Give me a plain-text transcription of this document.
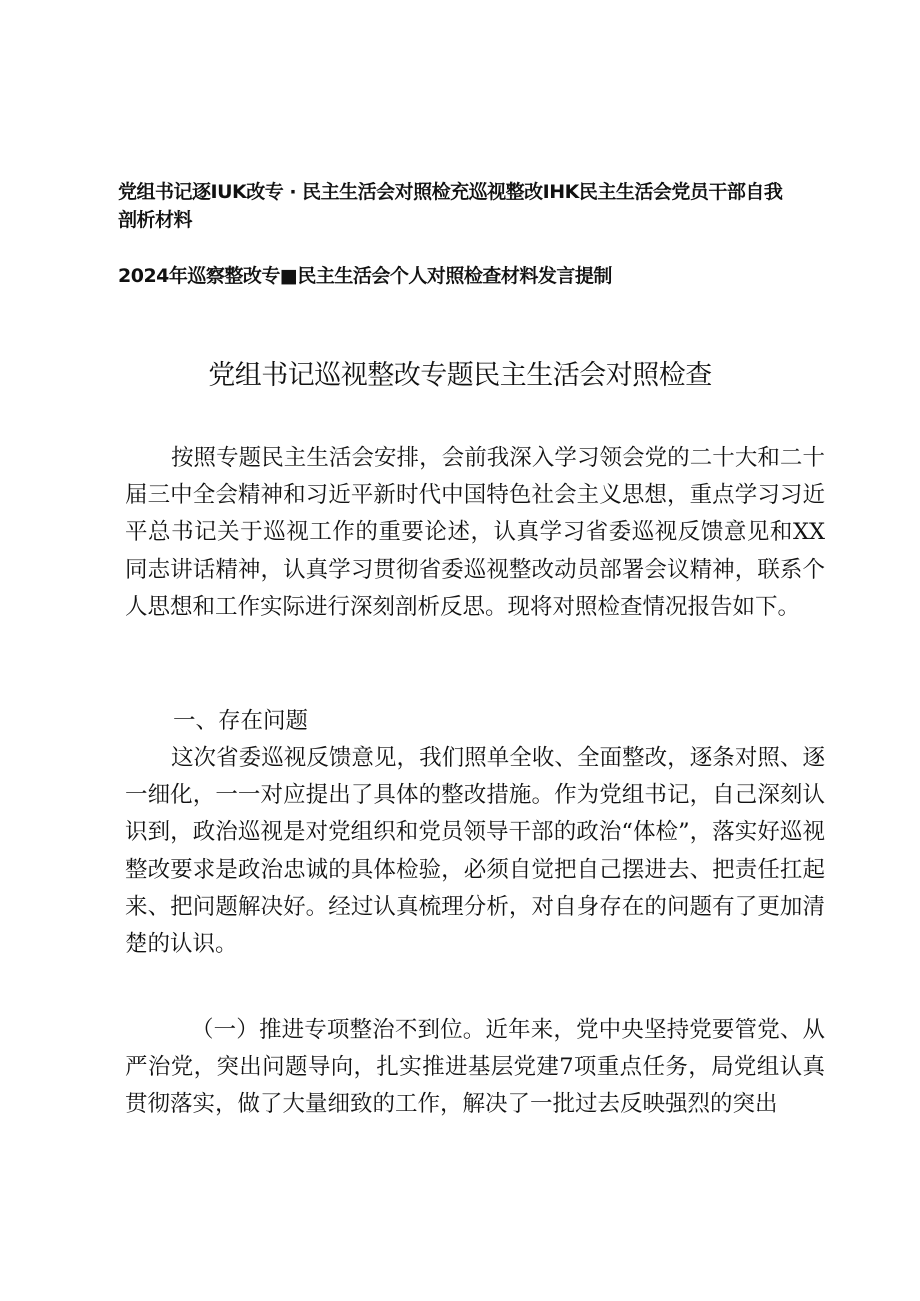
党组书记逐IUK改专 · 民主生活会对照检充巡视整改IHK民主生活会党员干部自我
剖析材料
2024年巡察整改专■民主生活会个人对照检查材料发言提制
党组书记巡视整改专题民主生活会对照检查
按照专题民主生活会安排，会前我深入学习领会党的二十大和二十届三中全会精神和习近平新时代中国特色社会主义思想，重点学习习近平总书记关于巡视工作的重要论述，认真学习省委巡视反馈意见和XX同志讲话精神，认真学习贯彻省委巡视整改动员部署会议精神，联系个人思想和工作实际进行深刻剖析反思。现将对照检查情况报告如下。
一、存在问题
这次省委巡视反馈意见，我们照单全收、全面整改，逐条对照、逐一细化，一一对应提出了具体的整改措施。作为党组书记，自己深刻认识到，政治巡视是对党组织和党员领导干部的政治“体检”，落实好巡视整改要求是政治忠诚的具体检验，必须自觉把自己摆进去、把责任扛起来、把问题解决好。经过认真梳理分析，对自身存在的问题有了更加清楚的认识。
（一）推进专项整治不到位。近年来，党中央坚持党要管党、从严治党，突出问题导向，扎实推进基层党建7项重点任务，局党组认真贯彻落实，做了大量细致的工作，解决了一批过去反映强烈的突出
